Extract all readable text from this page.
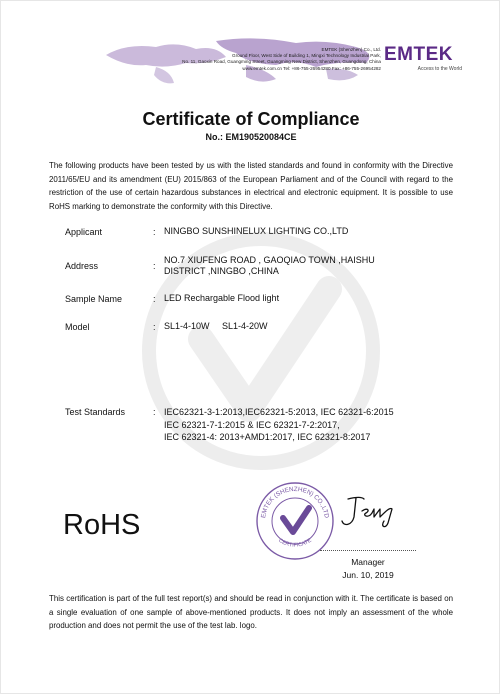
EMTEK (Shenzhen) Co., Ltd.
Ground Floor, West Side of Building 1, Mingxi Technology Industrial Park,
No. 11, Gaoxin Road, Guangming Street, Guangming New District, Shenzhen, Guangdong, China
www.emtek.com.cn Tel: +86-755-26954280 Fax: +86-755-26954282
EMTEK
Access to the World
Certificate of Compliance
No.: EM190520084CE
The following products have been tested by us with the listed standards and found in conformity with the Directive 2011/65/EU and its amendment (EU) 2015/863 of the European Parliament and of the Council with regard to the restriction of the use of certain hazardous substances in electrical and electronic equipment. It is possible to use RoHS marking to demonstrate the conformity with this Directive.
Applicant	: NINGBO SUNSHINELUX LIGHTING CO.,LTD
Address	:
NO.7 XIUFENG ROAD , GAOQIAO TOWN ,HAISHU
DISTRICT ,NINGBO ,CHINA
Sample Name	: LED Rechargable Flood light
Model	: SL1-4-10W     SL1-4-20W
Test Standards	: IEC62321-3-1:2013,IEC62321-5:2013, IEC 62321-6:2015
IEC 62321-7-1:2015 & IEC 62321-7-2:2017,
IEC 62321-4: 2013+AMD1:2017, IEC 62321-8:2017
RoHS	EMTEK (SHENZHEN) CO.,LTD
CERTIFICATE
Manager
Jun. 10, 2019
This certification is part of the full test report(s) and should be read in conjunction with it. The certificate is based on a single evaluation of one sample of above-mentioned products. It does not imply an assessment of the whole production and does not permit the use of the test lab. logo.
